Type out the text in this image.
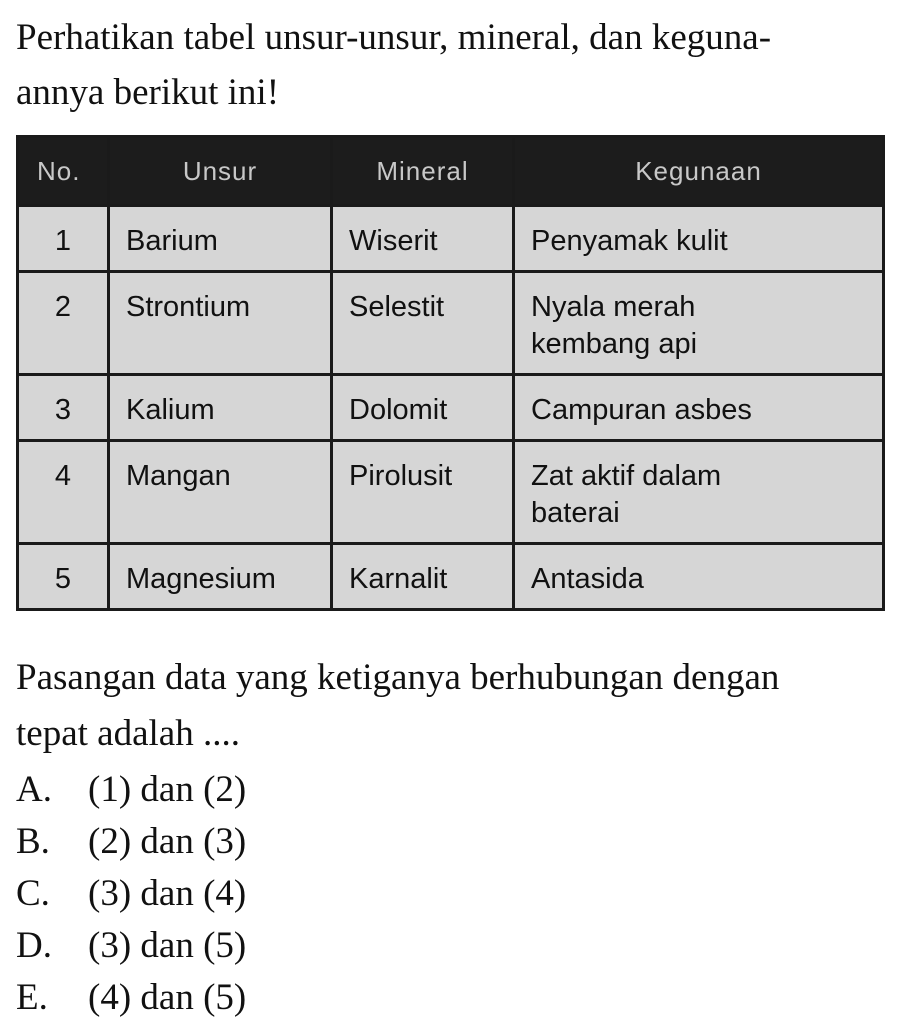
Perhatikan tabel unsur-unsur, mineral, dan keguna-
annya berikut ini!
No.	Unsur	Mineral	Kegunaan
1	Barium	Wiserit	Penyamak kulit
2	Strontium	Selestit	Nyala merah
kembang api
3	Kalium	Dolomit	Campuran asbes
4	Mangan	Pirolusit	Zat aktif dalam
baterai
5	Magnesium	Karnalit	Antasida

Pasangan data yang ketiganya berhubungan dengan
tepat adalah ....

A. (1) dan (2)
B. (2) dan (3)
C. (3) dan (4)
D. (3) dan (5)
E. (4) dan (5)
